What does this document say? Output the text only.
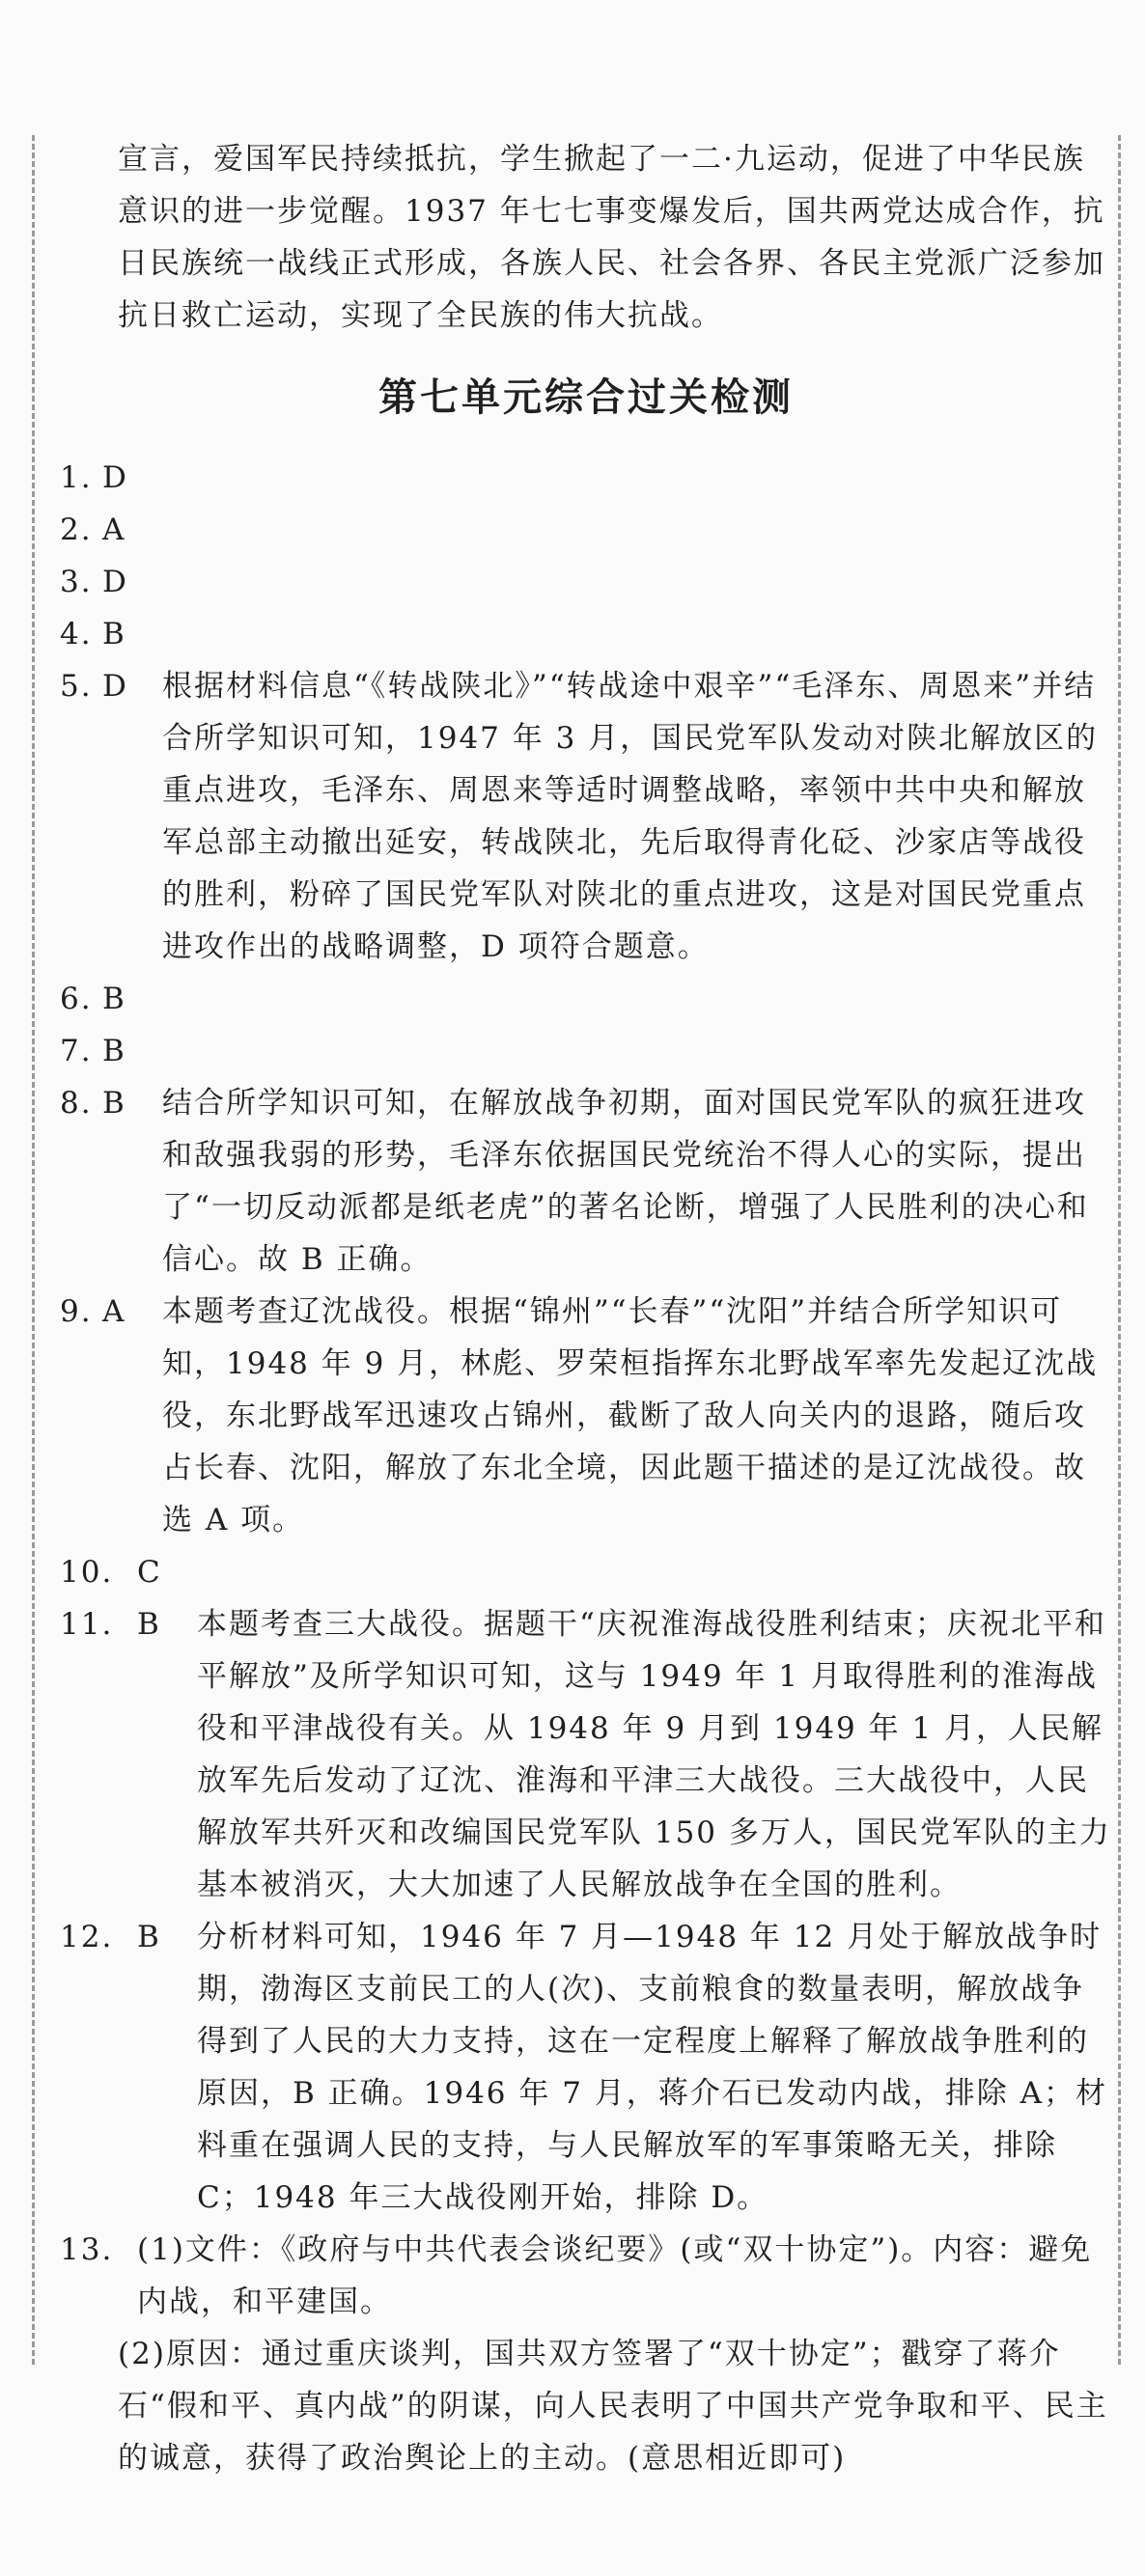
宣言，爱国军民持续抵抗，学生掀起了一二·九运动，促进了中华民族意识的进一步觉醒。1937 年七七事变爆发后，国共两党达成合作，抗日民族统一战线正式形成，各族人民、社会各界、各民主党派广泛参加抗日救亡运动，实现了全民族的伟大抗战。

第七单元综合过关检测
1. D
2. A
3. D
4. B
5. D	根据材料信息“《转战陕北》”“转战途中艰辛”“毛泽东、周恩来”并结合所学知识可知，1947 年 3 月，国民党军队发动对陕北解放区的重点进攻，毛泽东、周恩来等适时调整战略，率领中共中央和解放军总部主动撤出延安，转战陕北，先后取得青化砭、沙家店等战役的胜利，粉碎了国民党军队对陕北的重点进攻，这是对国民党重点进攻作出的战略调整，D 项符合题意。
6. B
7. B
8. B	结合所学知识可知，在解放战争初期，面对国民党军队的疯狂进攻和敌强我弱的形势，毛泽东依据国民党统治不得人心的实际，提出了“一切反动派都是纸老虎”的著名论断，增强了人民胜利的决心和信心。故 B 正确。
9. A	本题考查辽沈战役。根据“锦州”“长春”“沈阳”并结合所学知识可知，1948 年 9 月，林彪、罗荣桓指挥东北野战军率先发起辽沈战役，东北野战军迅速攻占锦州，截断了敌人向关内的退路，随后攻占长春、沈阳，解放了东北全境，因此题干描述的是辽沈战役。故选 A 项。
10. C
11. B	本题考查三大战役。据题干“庆祝淮海战役胜利结束；庆祝北平和平解放”及所学知识可知，这与 1949 年 1 月取得胜利的淮海战役和平津战役有关。从 1948 年 9 月到 1949 年 1 月，人民解放军先后发动了辽沈、淮海和平津三大战役。三大战役中，人民解放军共歼灭和改编国民党军队 150 多万人，国民党军队的主力基本被消灭，大大加速了人民解放战争在全国的胜利。
12. B	分析材料可知，1946 年 7 月—1948 年 12 月处于解放战争时期，渤海区支前民工的人(次)、支前粮食的数量表明，解放战争得到了人民的大力支持，这在一定程度上解释了解放战争胜利的原因，B 正确。1946 年 7 月，蒋介石已发动内战，排除 A；材料重在强调人民的支持，与人民解放军的军事策略无关，排除 C；1948 年三大战役刚开始，排除 D。
13. (1)文件：《政府与中共代表会谈纪要》(或“双十协定”)。内容：避免内战，和平建国。

(2)原因：通过重庆谈判，国共双方签署了“双十协定”；戳穿了蒋介石“假和平、真内战”的阴谋，向人民表明了中国共产党争取和平、民主的诚意，获得了政治舆论上的主动。(意思相近即可)
